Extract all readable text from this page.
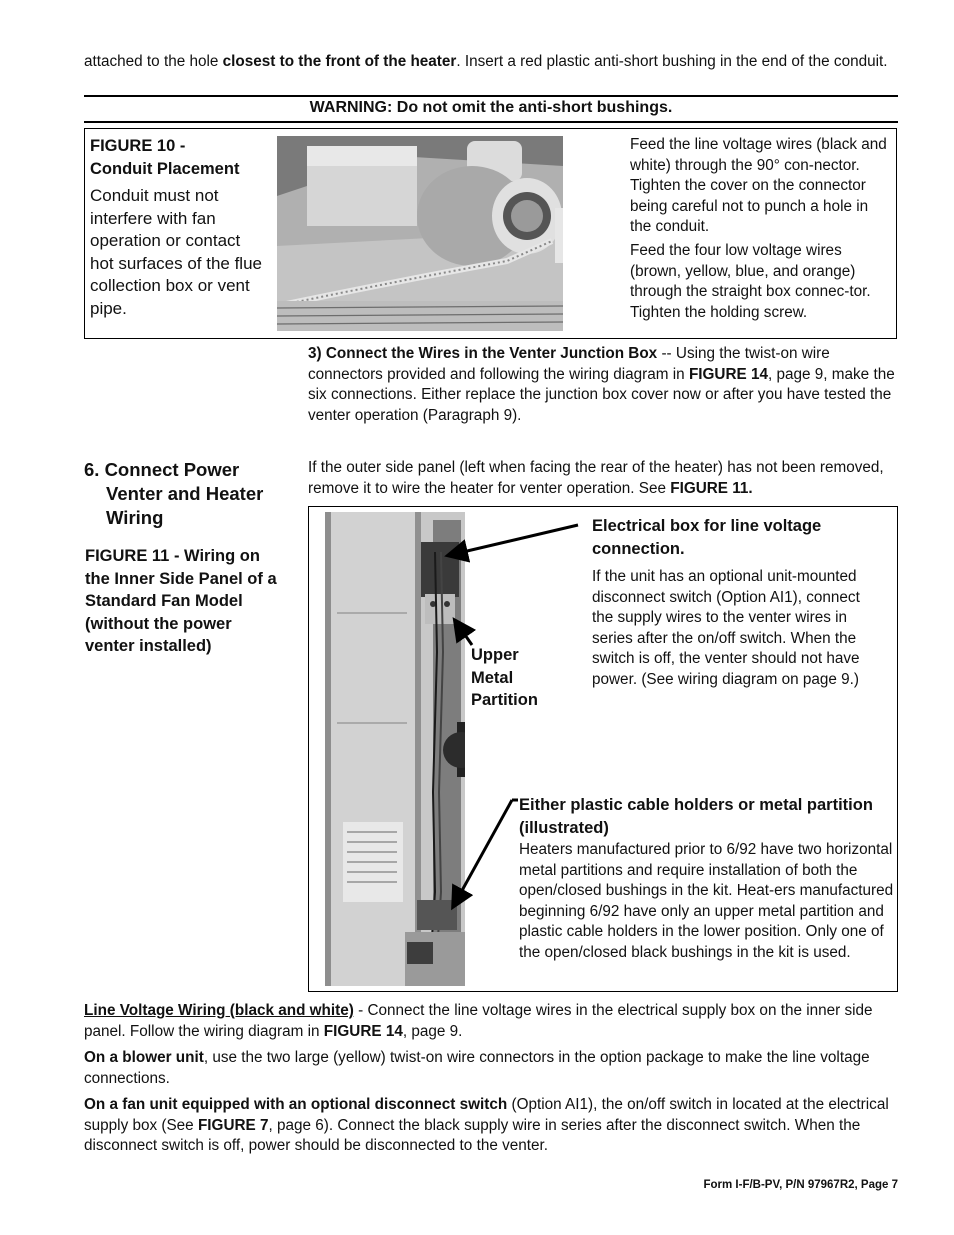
attached to the hole closest to the front of the heater. Insert a red plastic anti-short bushing in the end of the conduit.

WARNING: Do not omit the anti-short bushings.
FIGURE 10 -
Conduit Placement

Conduit must not interfere with fan operation or contact hot surfaces of the flue collection box or vent pipe.

Feed the line voltage wires (black and white) through the 90° con-nector. Tighten the cover on the connector being careful not to punch a hole in the conduit.

Feed the four low voltage wires (brown, yellow, blue, and orange) through the straight box connec-tor. Tighten the holding screw.

3) Connect the Wires in the Venter Junction Box -- Using the twist-on wire connectors provided and following the wiring diagram in FIGURE 14, page 9, make the six connections. Either replace the junction box cover now or after you have tested the venter operation (Paragraph 9).

6. Connect Power
Venter and Heater
Wiring

FIGURE 11 - Wiring on the Inner Side Panel of a Standard Fan Model (without the power venter installed)

If the outer side panel (left when facing the rear of the heater) has not been removed, remove it to wire the heater for venter operation. See FIGURE 11.

Upper Metal Partition
Electrical box for line voltage connection.

If the unit has an optional unit-mounted disconnect switch (Option AI1), connect the supply wires to the venter wires in series after the on/off switch. When the switch is off, the venter should not have power. (See wiring diagram on page 9.)

Either plastic cable holders or metal partition (illustrated)

Heaters manufactured prior to 6/92 have two horizontal metal partitions and require installation of both the open/closed bushings in the kit. Heat-ers manufactured beginning 6/92 have only an upper metal partition and plastic cable holders in the lower position. Only one of the open/closed black bushings in the kit is used.

Line Voltage Wiring (black and white) - Connect the line voltage wires in the electrical supply box on the inner side panel. Follow the wiring diagram in FIGURE 14, page 9.

On a blower unit, use the two large (yellow) twist-on wire connectors in the option package to make the line voltage connections.

On a fan unit equipped with an optional disconnect switch (Option AI1), the on/off switch in located at the electrical supply box (See FIGURE 7, page 6). Connect the black supply wire in series after the disconnect switch. When the disconnect switch is off, power should be disconnected to the venter.

Form I-F/B-PV, P/N 97967R2, Page 7
